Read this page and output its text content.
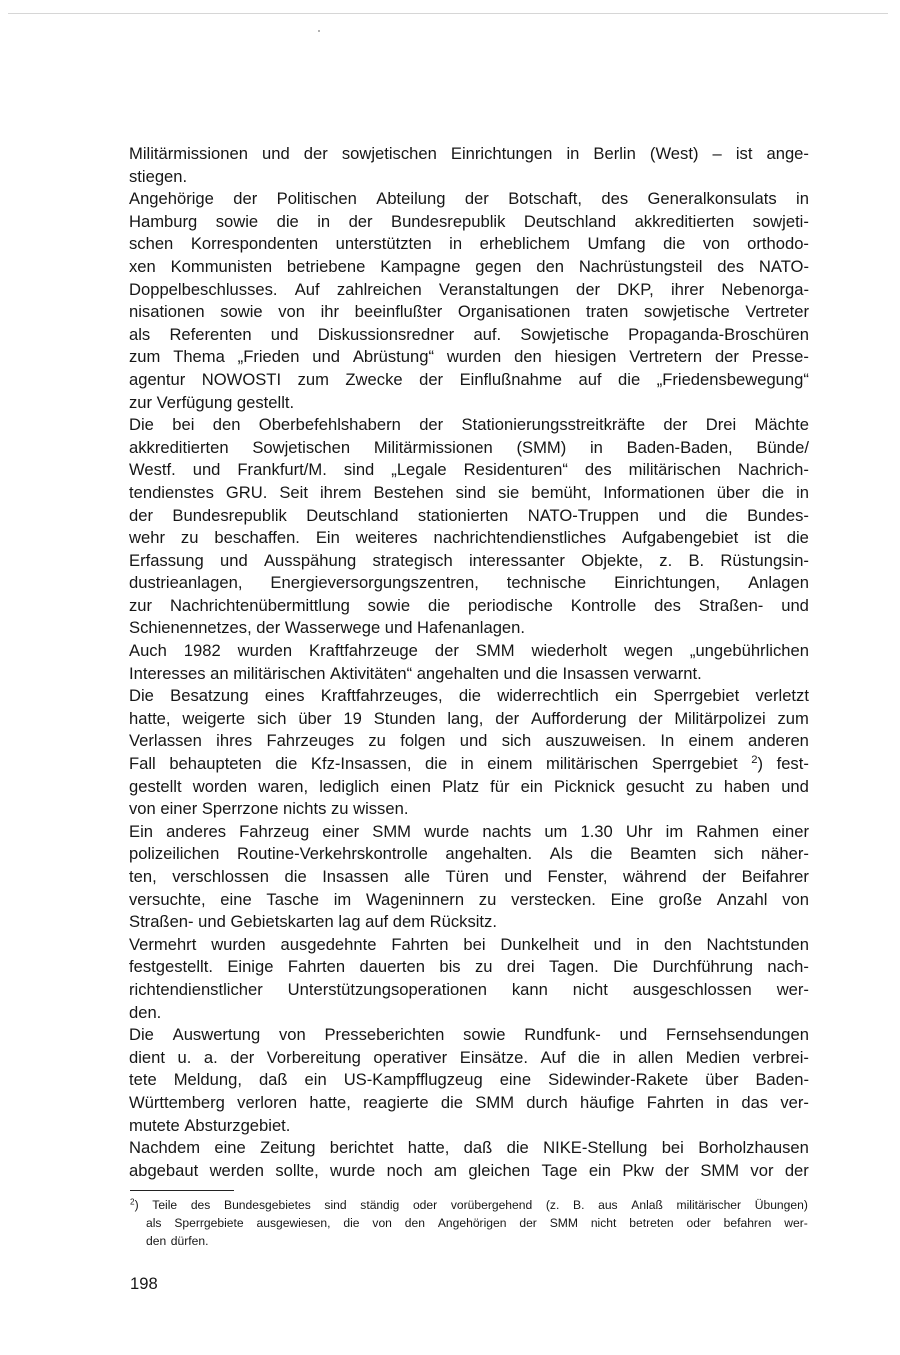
Militärmissionen und der sowjetischen Einrichtungen in Berlin (West) – ist ange-
stiegen.
Angehörige der Politischen Abteilung der Botschaft, des Generalkonsulats in
Hamburg sowie die in der Bundesrepublik Deutschland akkreditierten sowjeti-
schen Korrespondenten unterstützten in erheblichem Umfang die von orthodo-
xen Kommunisten betriebene Kampagne gegen den Nachrüstungsteil des NATO-
Doppelbeschlusses. Auf zahlreichen Veranstaltungen der DKP, ihrer Nebenorga-
nisationen sowie von ihr beeinflußter Organisationen traten sowjetische Vertreter
als Referenten und Diskussionsredner auf. Sowjetische Propaganda-Broschüren
zum Thema „Frieden und Abrüstung“ wurden den hiesigen Vertretern der Presse-
agentur NOWOSTI zum Zwecke der Einflußnahme auf die „Friedensbewegung“
zur Verfügung gestellt.
Die bei den Oberbefehlshabern der Stationierungsstreitkräfte der Drei Mächte
akkreditierten Sowjetischen Militärmissionen (SMM) in Baden-Baden, Bünde/
Westf. und Frankfurt/M. sind „Legale Residenturen“ des militärischen Nachrich-
tendienstes GRU. Seit ihrem Bestehen sind sie bemüht, Informationen über die in
der Bundesrepublik Deutschland stationierten NATO-Truppen und die Bundes-
wehr zu beschaffen. Ein weiteres nachrichtendienstliches Aufgabengebiet ist die
Erfassung und Ausspähung strategisch interessanter Objekte, z. B. Rüstungsin-
dustrieanlagen, Energieversorgungszentren, technische Einrichtungen, Anlagen
zur Nachrichtenübermittlung sowie die periodische Kontrolle des Straßen- und
Schienennetzes, der Wasserwege und Hafenanlagen.
Auch 1982 wurden Kraftfahrzeuge der SMM wiederholt wegen „ungebührlichen
Interesses an militärischen Aktivitäten“ angehalten und die Insassen verwarnt.
Die Besatzung eines Kraftfahrzeuges, die widerrechtlich ein Sperrgebiet verletzt
hatte, weigerte sich über 19 Stunden lang, der Aufforderung der Militärpolizei zum
Verlassen ihres Fahrzeuges zu folgen und sich auszuweisen. In einem anderen
Fall behaupteten die Kfz-Insassen, die in einem militärischen Sperrgebiet $^2$) fest-
gestellt worden waren, lediglich einen Platz für ein Picknick gesucht zu haben und
von einer Sperrzone nichts zu wissen.
Ein anderes Fahrzeug einer SMM wurde nachts um 1.30 Uhr im Rahmen einer
polizeilichen Routine-Verkehrskontrolle angehalten. Als die Beamten sich näher-
ten, verschlossen die Insassen alle Türen und Fenster, während der Beifahrer
versuchte, eine Tasche im Wageninnern zu verstecken. Eine große Anzahl von
Straßen- und Gebietskarten lag auf dem Rücksitz.
Vermehrt wurden ausgedehnte Fahrten bei Dunkelheit und in den Nachtstunden
festgestellt. Einige Fahrten dauerten bis zu drei Tagen. Die Durchführung nach-
richtendienstlicher Unterstützungsoperationen kann nicht ausgeschlossen wer-
den.
Die Auswertung von Presseberichten sowie Rundfunk- und Fernsehsendungen
dient u. a. der Vorbereitung operativer Einsätze. Auf die in allen Medien verbrei-
tete Meldung, daß ein US-Kampfflugzeug eine Sidewinder-Rakete über Baden-
Württemberg verloren hatte, reagierte die SMM durch häufige Fahrten in das ver-
mutete Absturzgebiet.
Nachdem eine Zeitung berichtet hatte, daß die NIKE-Stellung bei Borholzhausen
abgebaut werden sollte, wurde noch am gleichen Tage ein Pkw der SMM vor der
$^2$) Teile des Bundesgebietes sind ständig oder vorübergehend (z. B. aus Anlaß militärischer Übungen)
als Sperrgebiete ausgewiesen, die von den Angehörigen der SMM nicht betreten oder befahren wer-
den dürfen.
198
